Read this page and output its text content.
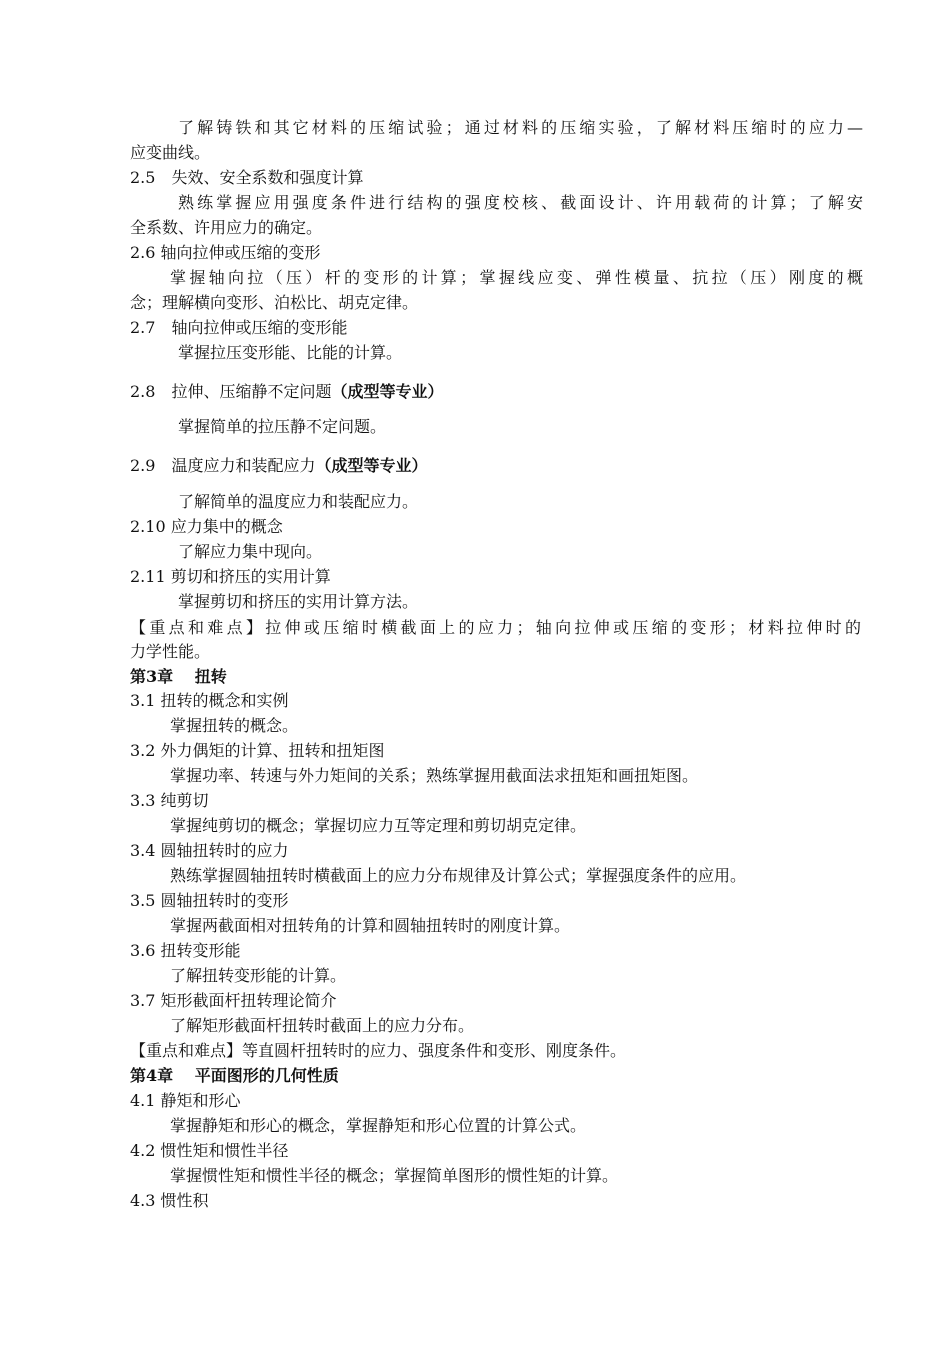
了解铸铁和其它材料的压缩试验；通过材料的压缩实验，了解材料压缩时的应力—
应变曲线。
2.5　失效、安全系数和强度计算
熟练掌握应用强度条件进行结构的强度校核、截面设计、许用载荷的计算；了解安
全系数、许用应力的确定。
2.6 轴向拉伸或压缩的变形
掌握轴向拉（压）杆的变形的计算；掌握线应变、弹性模量、抗拉（压）刚度的概
念；理解横向变形、泊松比、胡克定律。
2.7　轴向拉伸或压缩的变形能
掌握拉压变形能、比能的计算。
2.8　拉伸、压缩静不定问题（成型等专业）
掌握简单的拉压静不定问题。
2.9　温度应力和装配应力（成型等专业）
了解简单的温度应力和装配应力。
2.10 应力集中的概念
了解应力集中现向。
2.11 剪切和挤压的实用计算
掌握剪切和挤压的实用计算方法。
【重点和难点】拉伸或压缩时横截面上的应力；轴向拉伸或压缩的变形；材料拉伸时的
力学性能。
第3章　 扭转
3.1 扭转的概念和实例
掌握扭转的概念。
3.2 外力偶矩的计算、扭转和扭矩图
掌握功率、转速与外力矩间的关系；熟练掌握用截面法求扭矩和画扭矩图。
3.3 纯剪切
掌握纯剪切的概念；掌握切应力互等定理和剪切胡克定律。
3.4 圆轴扭转时的应力
熟练掌握圆轴扭转时横截面上的应力分布规律及计算公式；掌握强度条件的应用。
3.5 圆轴扭转时的变形
掌握两截面相对扭转角的计算和圆轴扭转时的刚度计算。
3.6 扭转变形能
了解扭转变形能的计算。
3.7 矩形截面杆扭转理论简介
了解矩形截面杆扭转时截面上的应力分布。
【重点和难点】等直圆杆扭转时的应力、强度条件和变形、刚度条件。
第4章　 平面图形的几何性质
4.1 静矩和形心
掌握静矩和形心的概念，掌握静矩和形心位置的计算公式。
4.2 惯性矩和惯性半径
掌握惯性矩和惯性半径的概念；掌握简单图形的惯性矩的计算。
4.3 惯性积
